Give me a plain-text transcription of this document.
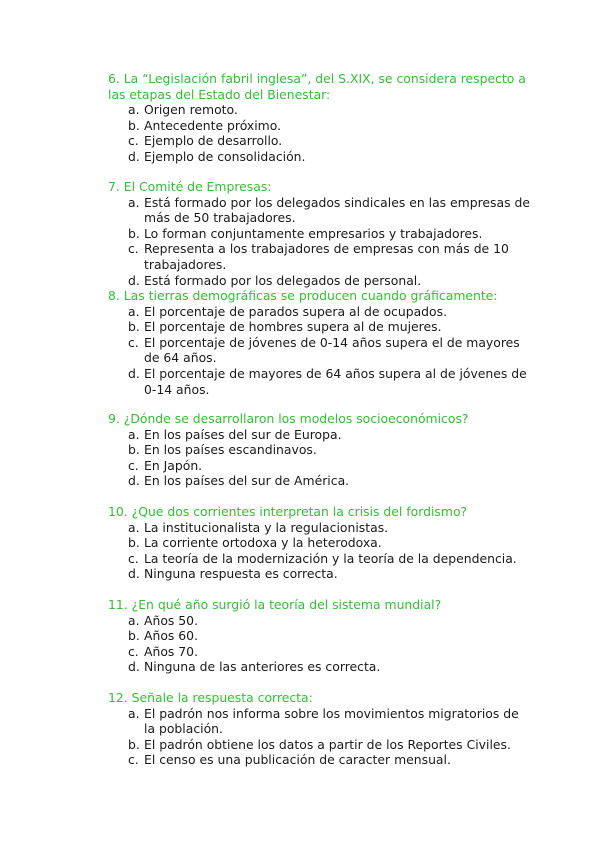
6. La “Legislación fabril inglesa”, del S.XIX, se considera respecto a las etapas del Estado del Bienestar:
a. Origen remoto.
b. Antecedente próximo.
c. Ejemplo de desarrollo.
d. Ejemplo de consolidación.
7. El Comité de Empresas:
a. Está formado por los delegados sindicales en las empresas de más de 50 trabajadores.
b. Lo forman conjuntamente empresarios y trabajadores.
c. Representa a los trabajadores de empresas con más de 10 trabajadores.
d. Está formado por los delegados de personal.
8. Las tierras demográficas se producen cuando gráficamente:
a. El porcentaje de parados supera al de ocupados.
b. El porcentaje de hombres supera al de mujeres.
c. El porcentaje de jóvenes de 0-14 años supera el de mayores de 64 años.
d. El porcentaje de mayores de 64 años supera al de jóvenes de 0-14 años.
9. ¿Dónde se desarrollaron los modelos socioeconómicos?
a. En los países del sur de Europa.
b. En los países escandinavos.
c. En Japón.
d. En los países del sur de América.
10. ¿Que dos corrientes interpretan la crisis del fordismo?
a. La institucionalista y la regulacionistas.
b. La corriente ortodoxa y la heterodoxa.
c. La teoría de la modernización y la teoría de la dependencia.
d. Ninguna respuesta es correcta.
11. ¿En qué año surgió la teoría del sistema mundial?
a. Años 50.
b. Años 60.
c. Años 70.
d. Ninguna de las anteriores es correcta.
12. Señale la respuesta correcta:
a. El padrón nos informa sobre los movimientos migratorios de la población.
b. El padrón obtiene los datos a partir de los Reportes Civiles.
c. El censo es una publicación de caracter mensual.
